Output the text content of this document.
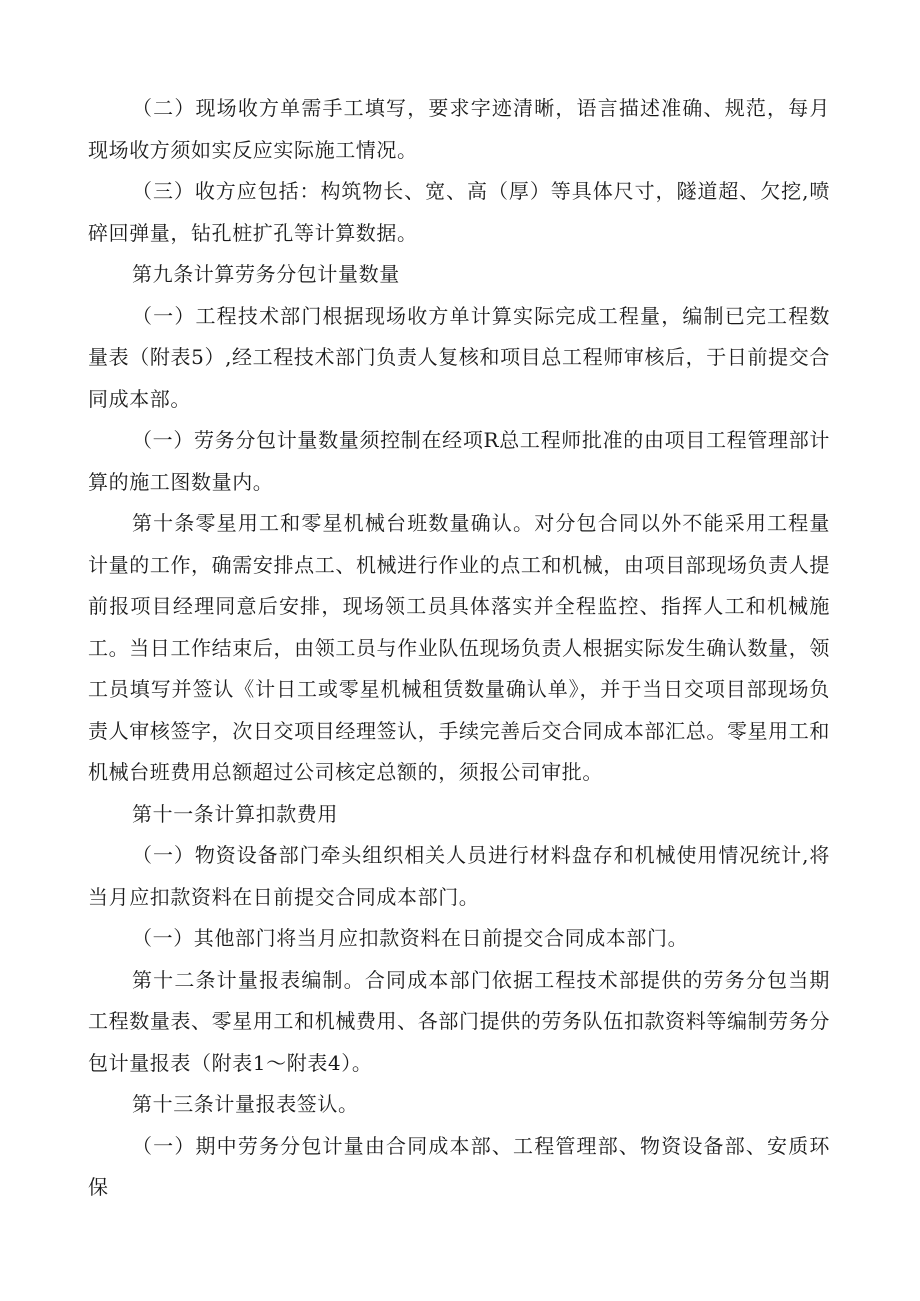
（二）现场收方单需手工填写，要求字迹清晰，语言描述准确、规范，每月现场收方须如实反应实际施工情况。

（三）收方应包括：构筑物长、宽、高（厚）等具体尺寸，隧道超、欠挖,喷碎回弹量，钻孔桩扩孔等计算数据。

第九条计算劳务分包计量数量

（一）工程技术部门根据现场收方单计算实际完成工程量，编制已完工程数量表（附表5）,经工程技术部门负责人复核和项目总工程师审核后，于日前提交合同成本部。

（一）劳务分包计量数量须控制在经项R总工程师批准的由项目工程管理部计算的施工图数量内。

第十条零星用工和零星机械台班数量确认。对分包合同以外不能采用工程量计量的工作，确需安排点工、机械进行作业的点工和机械，由项目部现场负责人提前报项目经理同意后安排，现场领工员具体落实并全程监控、指挥人工和机械施工。当日工作结束后，由领工员与作业队伍现场负责人根据实际发生确认数量，领工员填写并签认《计日工或零星机械租赁数量确认单》，并于当日交项目部现场负责人审核签字，次日交项目经理签认，手续完善后交合同成本部汇总。零星用工和机械台班费用总额超过公司核定总额的，须报公司审批。

第十一条计算扣款费用

（一）物资设备部门牵头组织相关人员进行材料盘存和机械使用情况统计,将当月应扣款资料在日前提交合同成本部门。

（一）其他部门将当月应扣款资料在日前提交合同成本部门。

第十二条计量报表编制。合同成本部门依据工程技术部提供的劳务分包当期工程数量表、零星用工和机械费用、各部门提供的劳务队伍扣款资料等编制劳务分包计量报表（附表1～附表4）。

第十三条计量报表签认。

（一）期中劳务分包计量由合同成本部、工程管理部、物资设备部、安质环保
